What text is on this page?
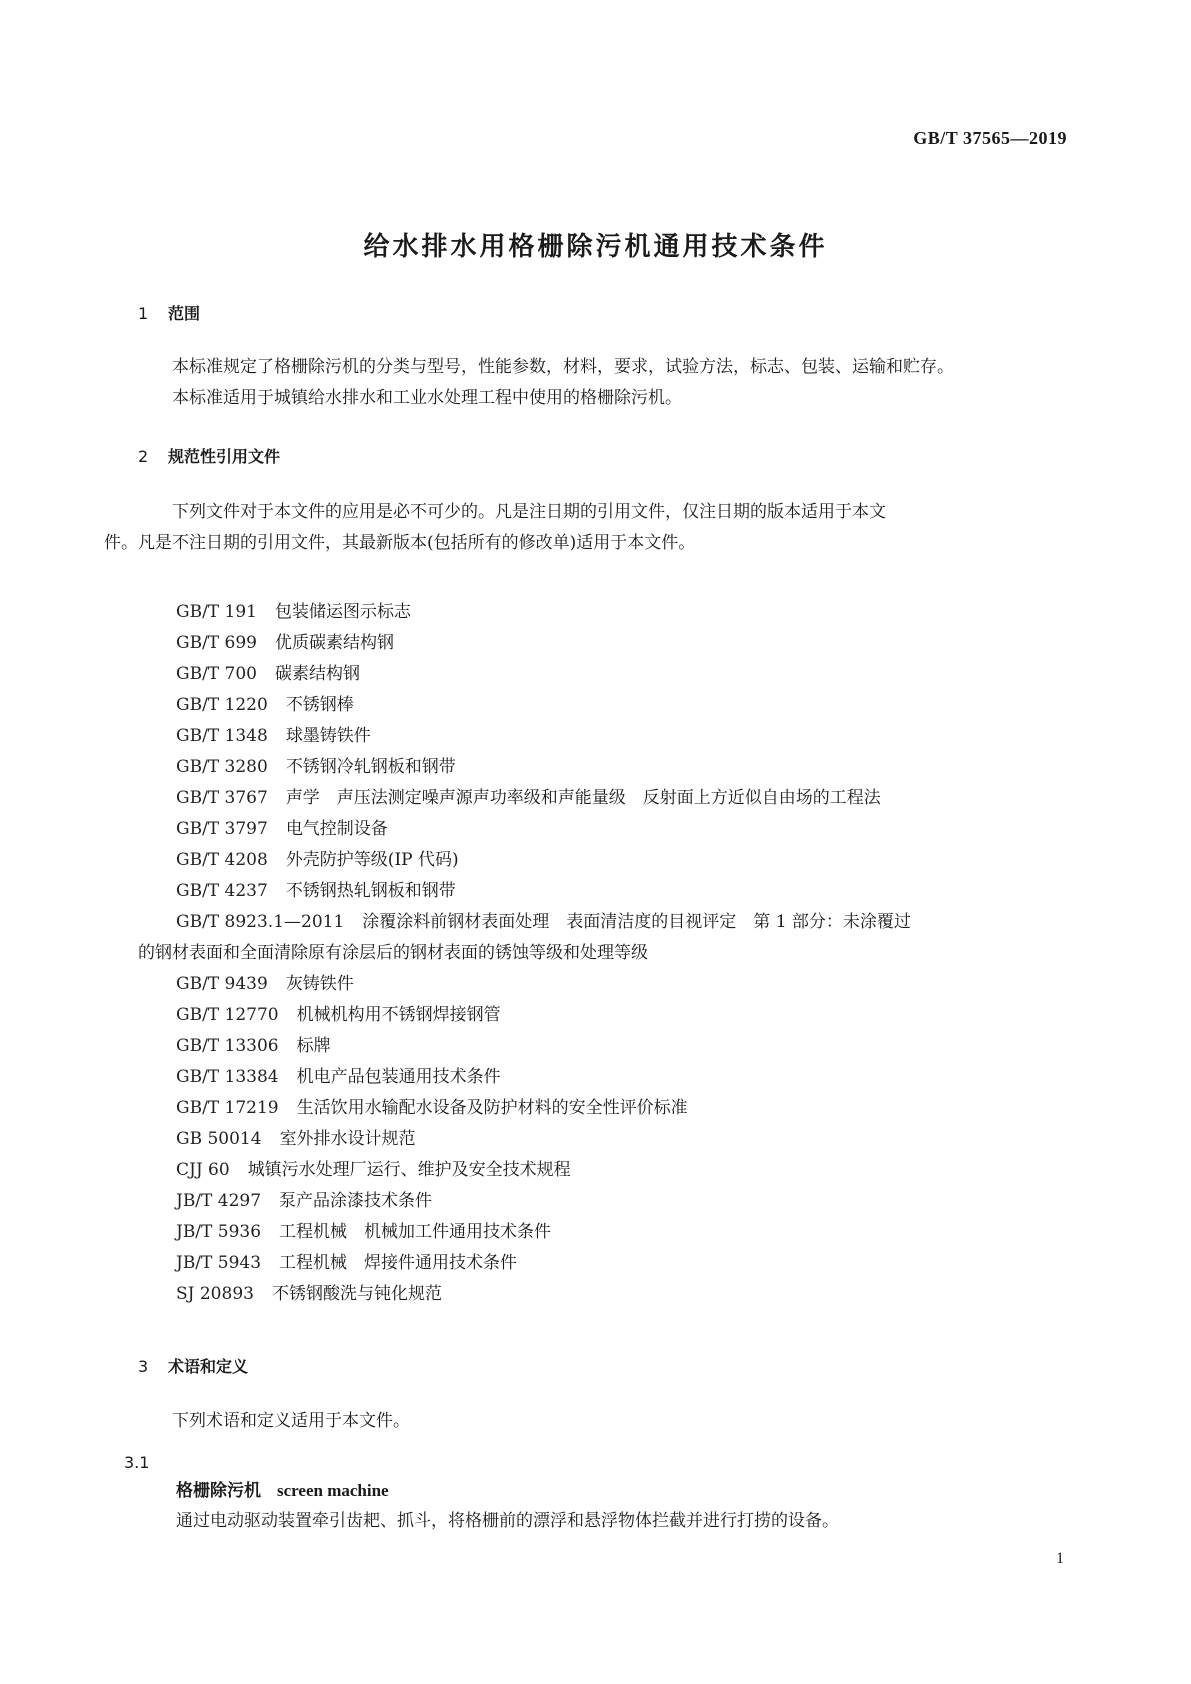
GB/T 37565—2019
给水排水用格栅除污机通用技术条件
1 范围
本标准规定了格栅除污机的分类与型号，性能参数，材料，要求，试验方法，标志、包装、运输和贮存。
本标准适用于城镇给水排水和工业水处理工程中使用的格栅除污机。
2 规范性引用文件
下列文件对于本文件的应用是必不可少的。凡是注日期的引用文件，仅注日期的版本适用于本文
件。凡是不注日期的引用文件，其最新版本(包括所有的修改单)适用于本文件。
GB/T 191 包装储运图示标志
GB/T 699 优质碳素结构钢
GB/T 700 碳素结构钢
GB/T 1220 不锈钢棒
GB/T 1348 球墨铸铁件
GB/T 3280 不锈钢冷轧钢板和钢带
GB/T 3767 声学　声压法测定噪声源声功率级和声能量级　反射面上方近似自由场的工程法
GB/T 3797 电气控制设备
GB/T 4208 外壳防护等级(IP 代码)
GB/T 4237 不锈钢热轧钢板和钢带
GB/T 8923.1—2011 涂覆涂料前钢材表面处理　表面清洁度的目视评定　第 1 部分：未涂覆过
的钢材表面和全面清除原有涂层后的钢材表面的锈蚀等级和处理等级
GB/T 9439 灰铸铁件
GB/T 12770 机械机构用不锈钢焊接钢管
GB/T 13306 标牌
GB/T 13384 机电产品包装通用技术条件
GB/T 17219 生活饮用水输配水设备及防护材料的安全性评价标准
GB 50014 室外排水设计规范
CJJ 60 城镇污水处理厂运行、维护及安全技术规程
JB/T 4297 泵产品涂漆技术条件
JB/T 5936 工程机械　机械加工件通用技术条件
JB/T 5943 工程机械　焊接件通用技术条件
SJ 20893 不锈钢酸洗与钝化规范
3 术语和定义
下列术语和定义适用于本文件。
3.1
格栅除污机 screen machine
通过电动驱动装置牵引齿耙、抓斗，将格栅前的漂浮和悬浮物体拦截并进行打捞的设备。
1
